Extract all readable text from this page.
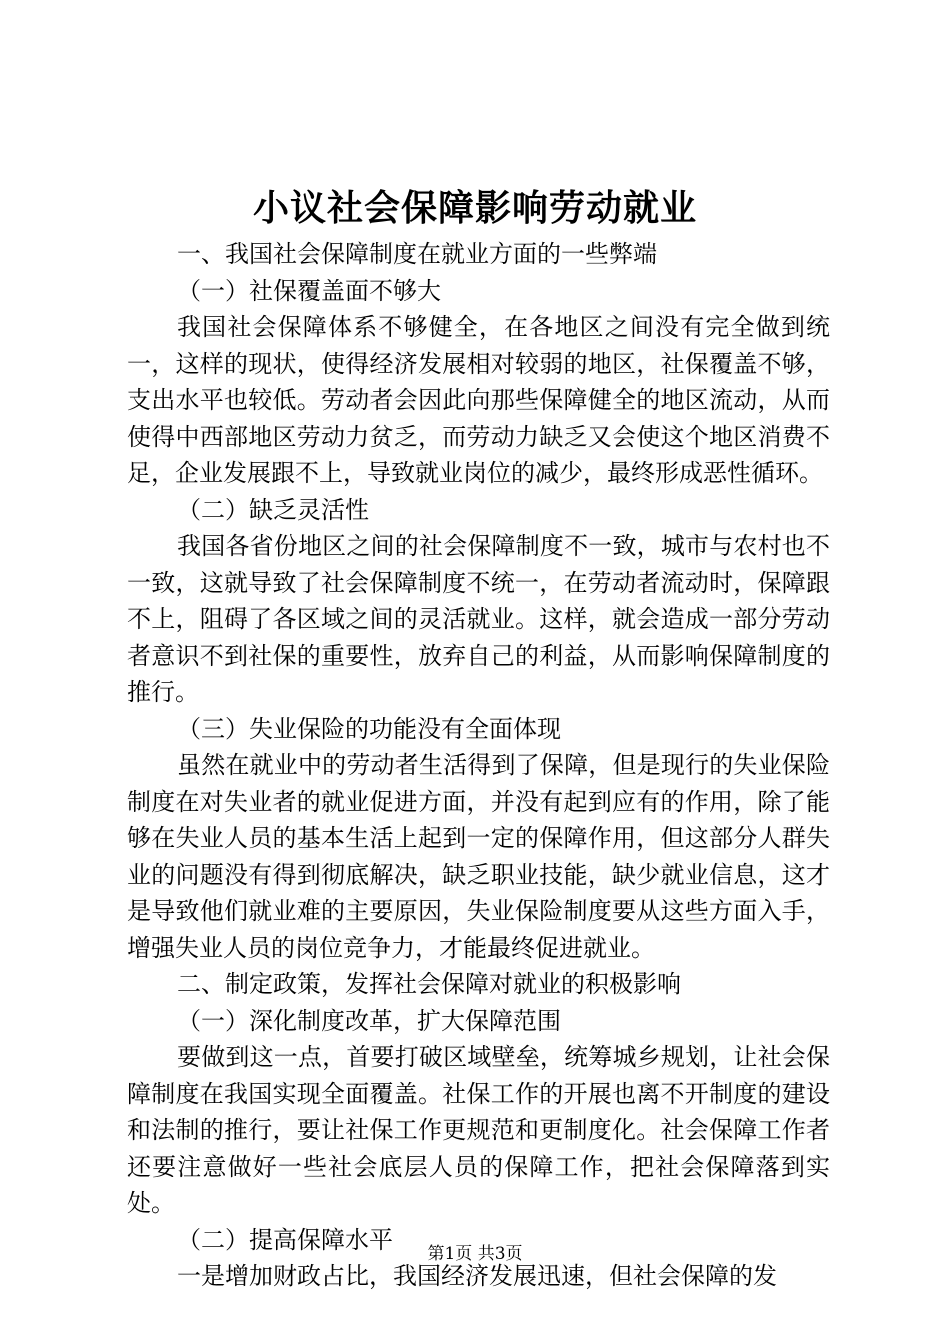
小议社会保障影响劳动就业

一、我国社会保障制度在就业方面的一些弊端

（一）社保覆盖面不够大

我国社会保障体系不够健全，在各地区之间没有完全做到统一，这样的现状，使得经济发展相对较弱的地区，社保覆盖不够，支出水平也较低。劳动者会因此向那些保障健全的地区流动，从而使得中西部地区劳动力贫乏，而劳动力缺乏又会使这个地区消费不足，企业发展跟不上，导致就业岗位的减少，最终形成恶性循环。

（二）缺乏灵活性

我国各省份地区之间的社会保障制度不一致，城市与农村也不一致，这就导致了社会保障制度不统一，在劳动者流动时，保障跟不上，阻碍了各区域之间的灵活就业。这样，就会造成一部分劳动者意识不到社保的重要性，放弃自己的利益，从而影响保障制度的推行。

（三）失业保险的功能没有全面体现

虽然在就业中的劳动者生活得到了保障，但是现行的失业保险制度在对失业者的就业促进方面，并没有起到应有的作用，除了能够在失业人员的基本生活上起到一定的保障作用，但这部分人群失业的问题没有得到彻底解决，缺乏职业技能，缺少就业信息，这才是导致他们就业难的主要原因，失业保险制度要从这些方面入手，增强失业人员的岗位竞争力，才能最终促进就业。

二、制定政策，发挥社会保障对就业的积极影响

（一）深化制度改革，扩大保障范围

要做到这一点，首要打破区域壁垒，统筹城乡规划，让社会保障制度在我国实现全面覆盖。社保工作的开展也离不开制度的建设和法制的推行，要让社保工作更规范和更制度化。社会保障工作者还要注意做好一些社会底层人员的保障工作，把社会保障落到实处。

（二）提高保障水平

一是增加财政占比，我国经济发展迅速，但社会保障的发

第1页 共3页
